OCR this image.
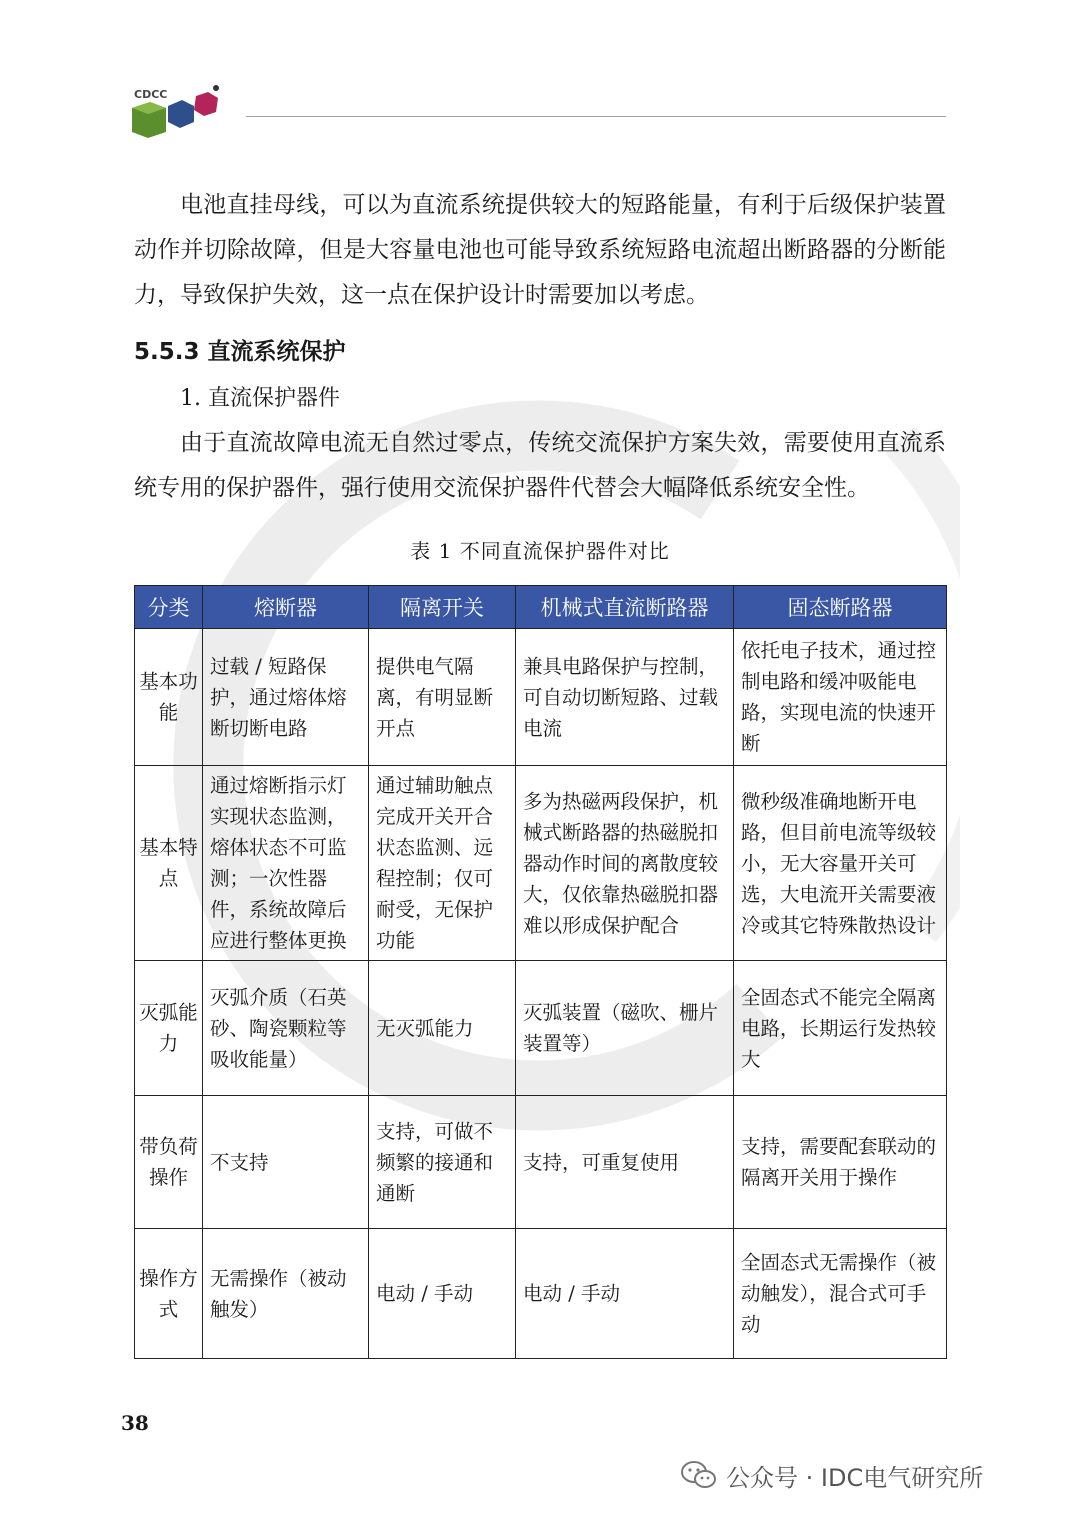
CDCC

电池直挂母线，可以为直流系统提供较大的短路能量，有利于后级保护装置动作并切除故障，但是大容量电池也可能导致系统短路电流超出断路器的分断能力，导致保护失效，这一点在保护设计时需要加以考虑。

5.5.3 直流系统保护

1. 直流保护器件

由于直流故障电流无自然过零点，传统交流保护方案失效，需要使用直流系统专用的保护器件，强行使用交流保护器件代替会大幅降低系统安全性。

表 1 不同直流保护器件对比
分类	熔断器	隔离开关	机械式直流断路器	固态断路器
基本功能	过载 / 短路保护，通过熔体熔断切断电路	提供电气隔离，有明显断开点	兼具电路保护与控制，可自动切断短路、过载电流	依托电子技术，通过控制电路和缓冲吸能电路，实现电流的快速开断
基本特点	通过熔断指示灯实现状态监测，熔体状态不可监测；一次性器件，系统故障后应进行整体更换	通过辅助触点完成开关开合状态监测、远程控制；仅可耐受，无保护功能	多为热磁两段保护，机械式断路器的热磁脱扣器动作时间的离散度较大，仅依靠热磁脱扣器难以形成保护配合	微秒级准确地断开电路，但目前电流等级较小，无大容量开关可选，大电流开关需要液冷或其它特殊散热设计
灭弧能力	灭弧介质（石英砂、陶瓷颗粒等吸收能量）	无灭弧能力	灭弧装置（磁吹、栅片装置等）	全固态式不能完全隔离电路，长期运行发热较大
带负荷操作	不支持	支持，可做不频繁的接通和通断	支持，可重复使用	支持，需要配套联动的隔离开关用于操作
操作方式	无需操作（被动触发）	电动 / 手动	电动 / 手动	全固态式无需操作（被动触发），混合式可手动
38
公众号 · IDC电气研究所
